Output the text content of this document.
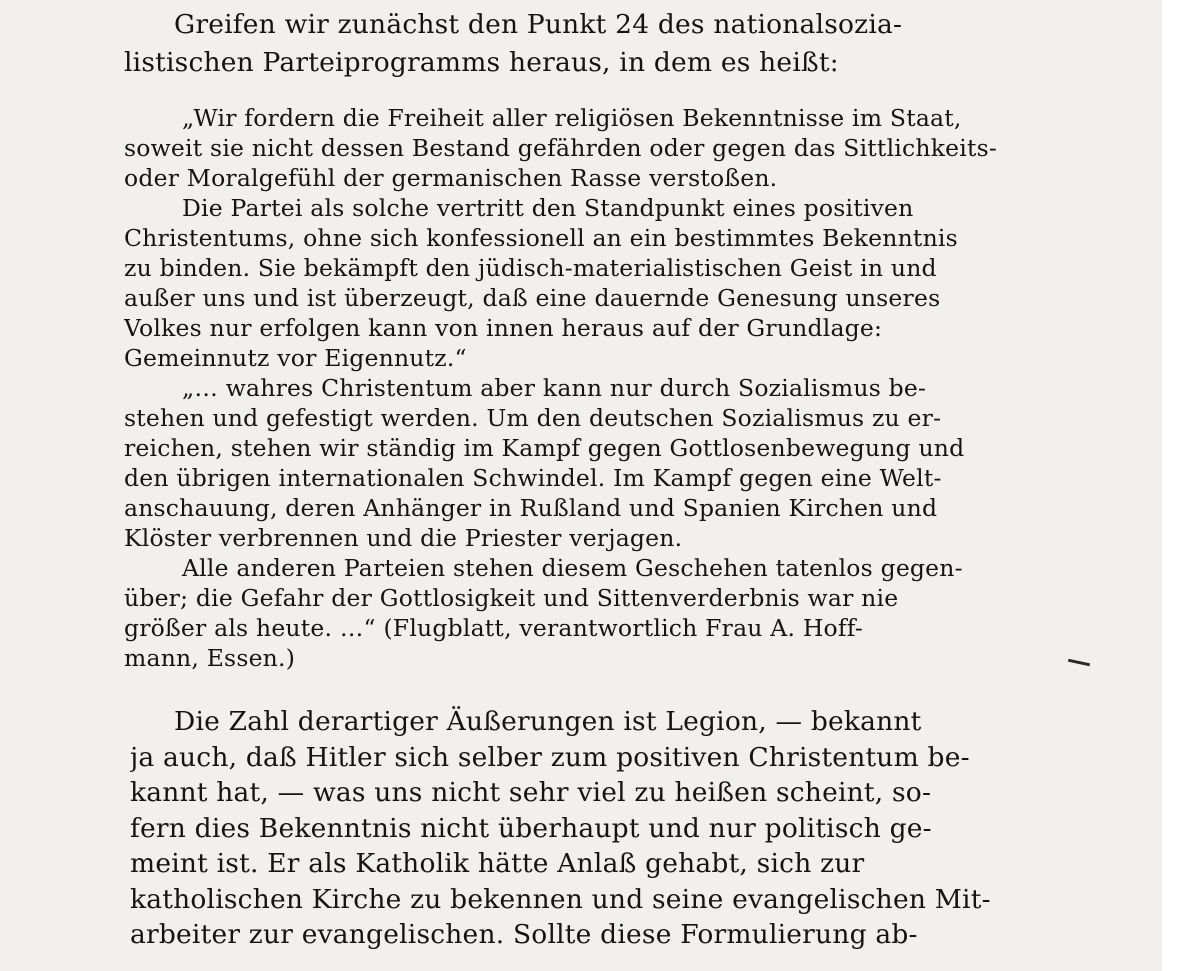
Greifen wir zunächst den Punkt 24 des nationalsozia-
listischen Parteiprogramms heraus, in dem es heißt:
„Wir fordern die Freiheit aller religiösen Bekenntnisse im Staat,
soweit sie nicht dessen Bestand gefährden oder gegen das Sittlichkeits-
oder Moralgefühl der germanischen Rasse verstoßen.
Die Partei als solche vertritt den Standpunkt eines positiven
Christentums, ohne sich konfessionell an ein bestimmtes Bekenntnis
zu binden. Sie bekämpft den jüdisch-materialistischen Geist in und
außer uns und ist überzeugt, daß eine dauernde Genesung unseres
Volkes nur erfolgen kann von innen heraus auf der Grundlage:
Gemeinnutz vor Eigennutz.“
„… wahres Christentum aber kann nur durch Sozialismus be-
stehen und gefestigt werden. Um den deutschen Sozialismus zu er-
reichen, stehen wir ständig im Kampf gegen Gottlosenbewegung und
den übrigen internationalen Schwindel. Im Kampf gegen eine Welt-
anschauung, deren Anhänger in Rußland und Spanien Kirchen und
Klöster verbrennen und die Priester verjagen.
Alle anderen Parteien stehen diesem Geschehen tatenlos gegen-
über; die Gefahr der Gottlosigkeit und Sittenverderbnis war nie
größer als heute. …“ (Flugblatt, verantwortlich Frau A. Hoff-
mann, Essen.)
Die Zahl derartiger Äußerungen ist Legion, — bekannt
ja auch, daß Hitler sich selber zum positiven Christentum be-
kannt hat, — was uns nicht sehr viel zu heißen scheint, so-
fern dies Bekenntnis nicht überhaupt und nur politisch ge-
meint ist. Er als Katholik hätte Anlaß gehabt, sich zur
katholischen Kirche zu bekennen und seine evangelischen Mit-
arbeiter zur evangelischen. Sollte diese Formulierung ab-
